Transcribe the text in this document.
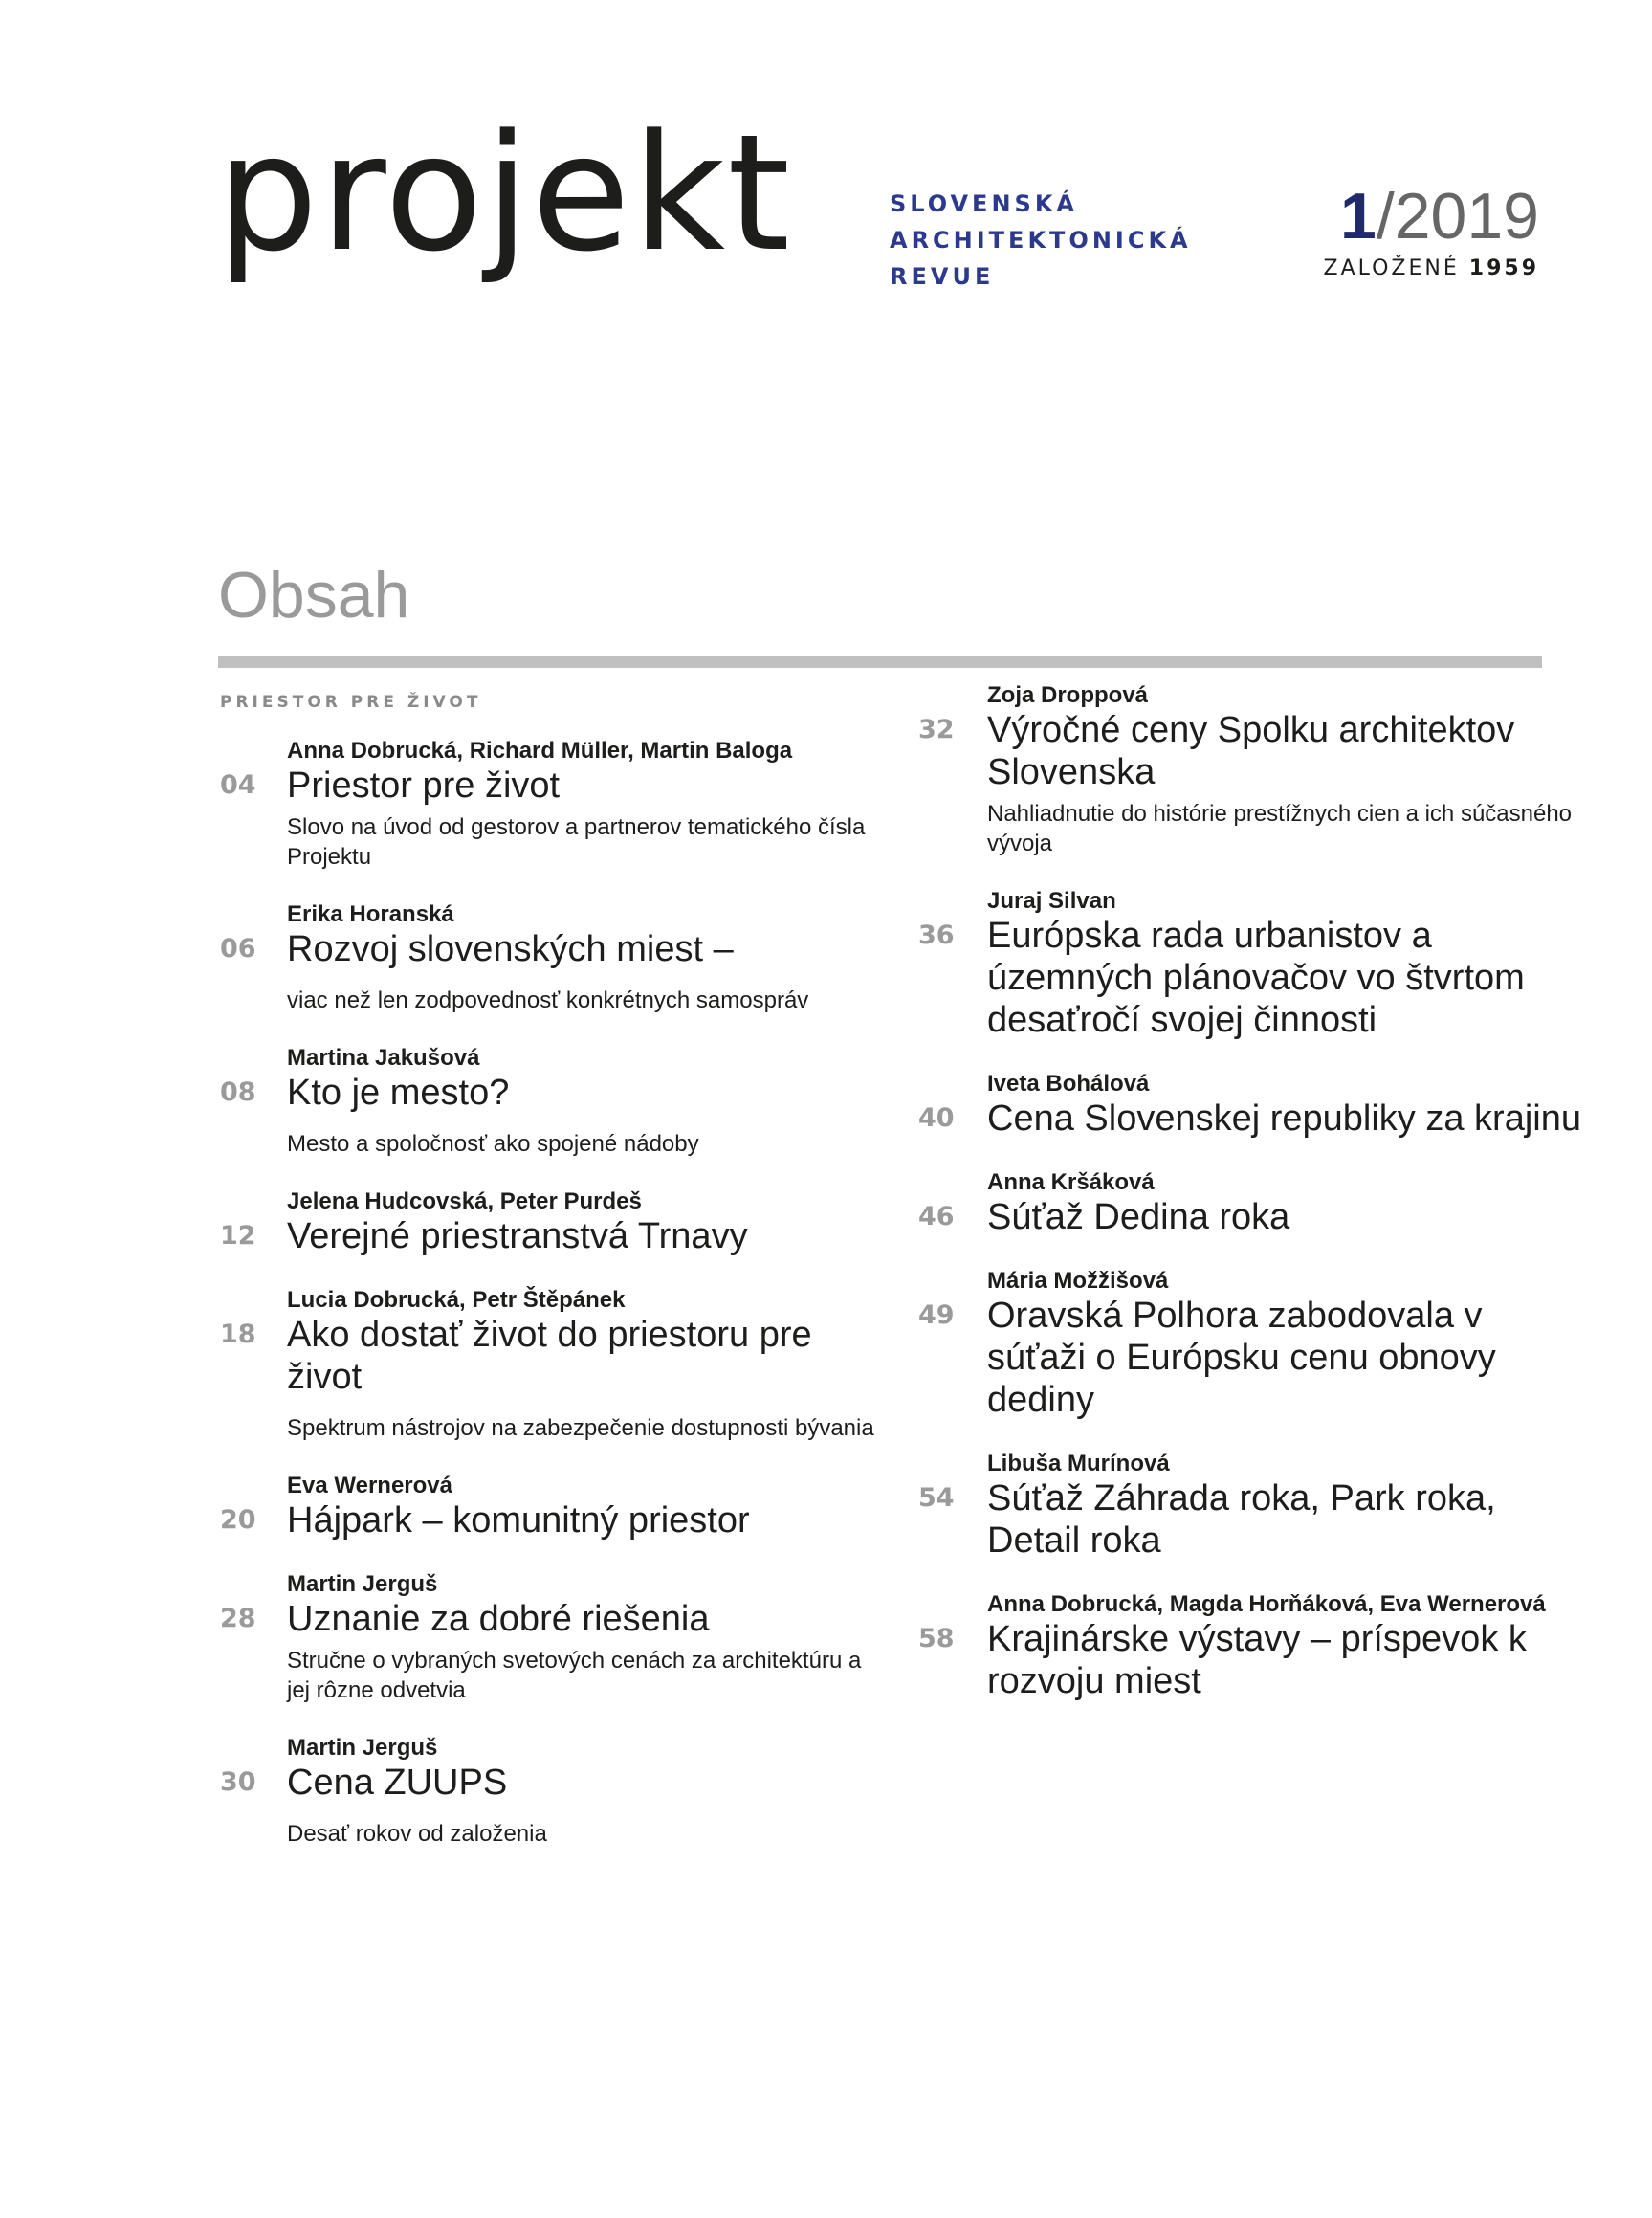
projekt	SLOVENSKÁ
ARCHITEKTONICKÁ
REVUE
1/2019
ZALOŽENÉ 1959
Obsah
PRIESTOR PRE ŽIVOT
Anna Dobrucká, Richard Müller, Martin Baloga
04 Priestor pre život
Slovo na úvod od gestorov a partnerov tematického čísla Projektu
Erika Horanská
06 Rozvoj slovenských miest –
viac než len zodpovednosť konkrétnych samospráv
Martina Jakušová
08 Kto je mesto?
Mesto a spoločnosť ako spojené nádoby
Jelena Hudcovská, Peter Purdeš
12 Verejné priestranstvá Trnavy
Lucia Dobrucká, Petr Štěpánek
18 Ako dostať život do priestoru pre život
Spektrum nástrojov na zabezpečenie dostupnosti bývania
Eva Wernerová
20 Hájpark – komunitný priestor
Martin Jerguš
28 Uznanie za dobré riešenia
Stručne o vybraných svetových cenách za architektúru a jej rôzne odvetvia
Martin Jerguš
30 Cena ZUUPS
Desať rokov od založenia
Zoja Droppová
32 Výročné ceny Spolku architektov Slovenska
Nahliadnutie do histórie prestížnych cien a ich súčasného vývoja
Juraj Silvan
36 Európska rada urbanistov a územných plánovačov vo štvrtom desaťročí svojej činnosti
Iveta Bohálová
40 Cena Slovenskej republiky za krajinu
Anna Kršáková
46 Súťaž Dedina roka
Mária Možžišová
49 Oravská Polhora zabodovala v súťaži o Európsku cenu obnovy dediny
Libuša Murínová
54 Súťaž Záhrada roka, Park roka, Detail roka
Anna Dobrucká, Magda Horňáková, Eva Wernerová
58 Krajinárske výstavy – príspevok k rozvoju miest
